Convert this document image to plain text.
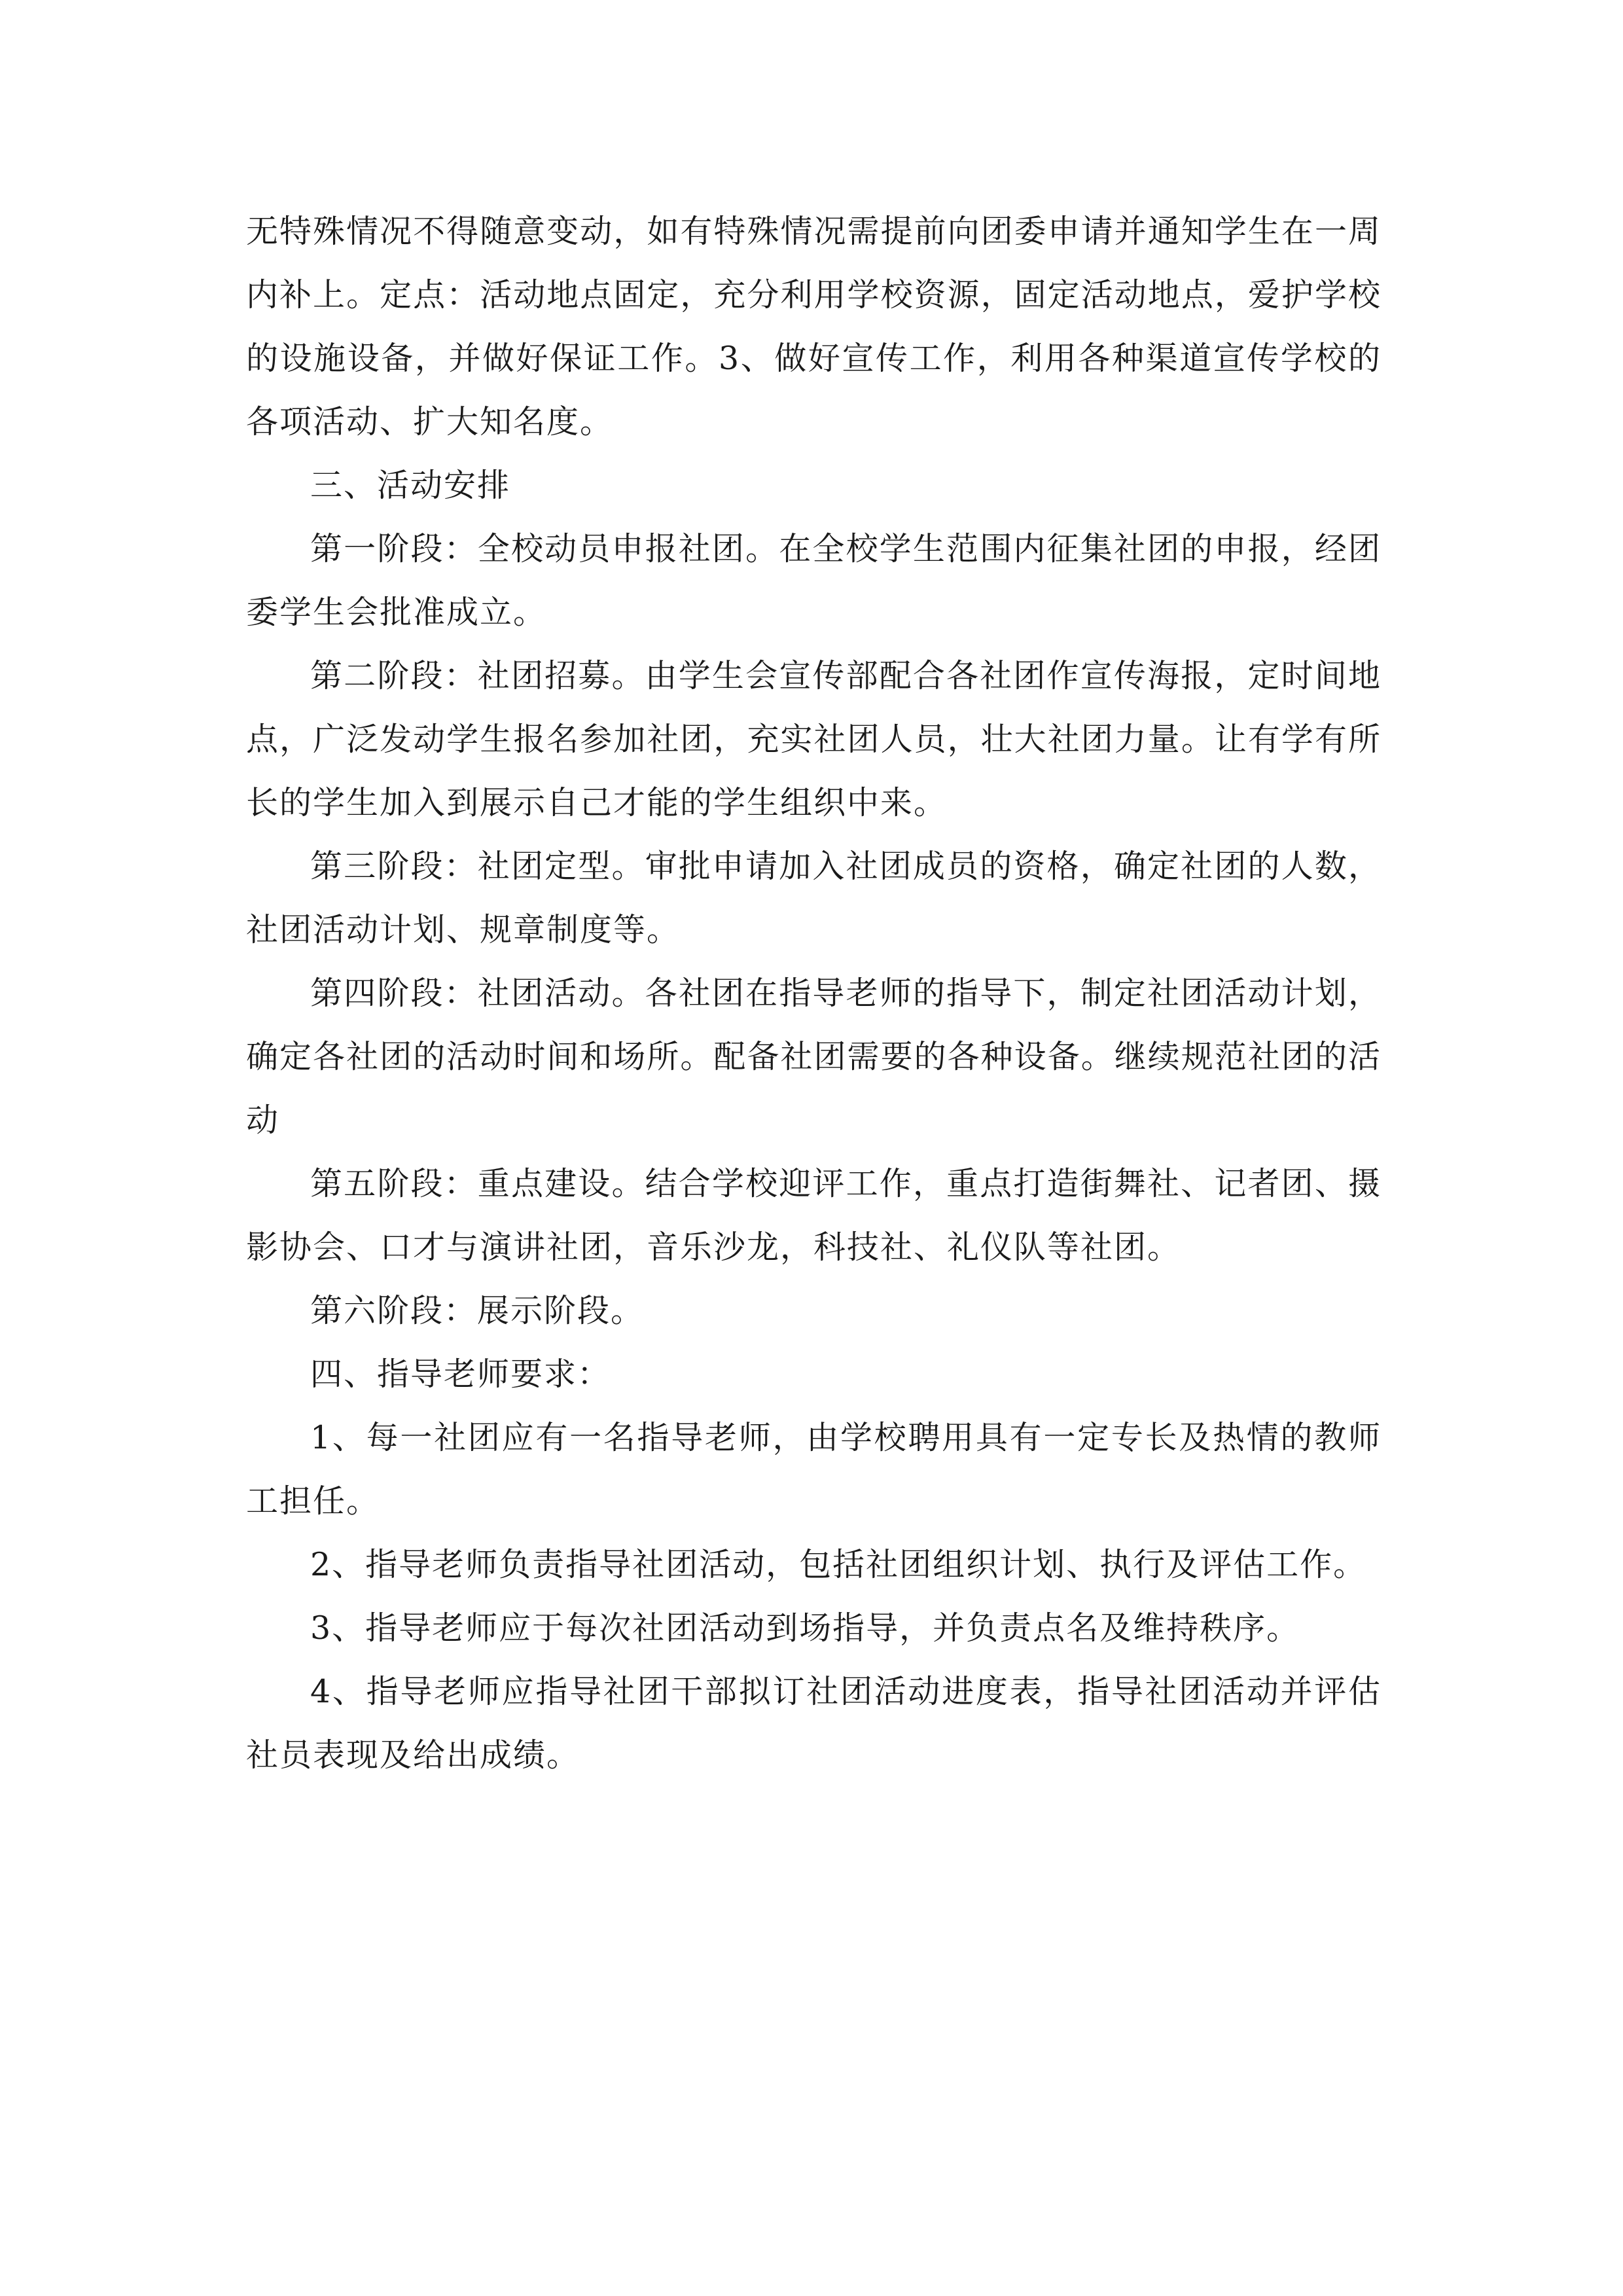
无特殊情况不得随意变动，如有特殊情况需提前向团委申请并通知学生在一周内补上。定点：活动地点固定，充分利用学校资源，固定活动地点，爱护学校的设施设备，并做好保证工作。3、做好宣传工作，利用各种渠道宣传学校的各项活动、扩大知名度。

三、活动安排

第一阶段：全校动员申报社团。在全校学生范围内征集社团的申报，经团委学生会批准成立。

第二阶段：社团招募。由学生会宣传部配合各社团作宣传海报，定时间地点，广泛发动学生报名参加社团，充实社团人员，壮大社团力量。让有学有所长的学生加入到展示自己才能的学生组织中来。

第三阶段：社团定型。审批申请加入社团成员的资格，确定社团的人数，社团活动计划、规章制度等。

第四阶段：社团活动。各社团在指导老师的指导下，制定社团活动计划，确定各社团的活动时间和场所。配备社团需要的各种设备。继续规范社团的活动

第五阶段：重点建设。结合学校迎评工作，重点打造街舞社、记者团、摄影协会、口才与演讲社团，音乐沙龙，科技社、礼仪队等社团。

第六阶段：展示阶段。

四、指导老师要求：

1、每一社团应有一名指导老师，由学校聘用具有一定专长及热情的教师工担任。

2、指导老师负责指导社团活动，包括社团组织计划、执行及评估工作。

3、指导老师应于每次社团活动到场指导，并负责点名及维持秩序。

4、指导老师应指导社团干部拟订社团活动进度表，指导社团活动并评估社员表现及给出成绩。
